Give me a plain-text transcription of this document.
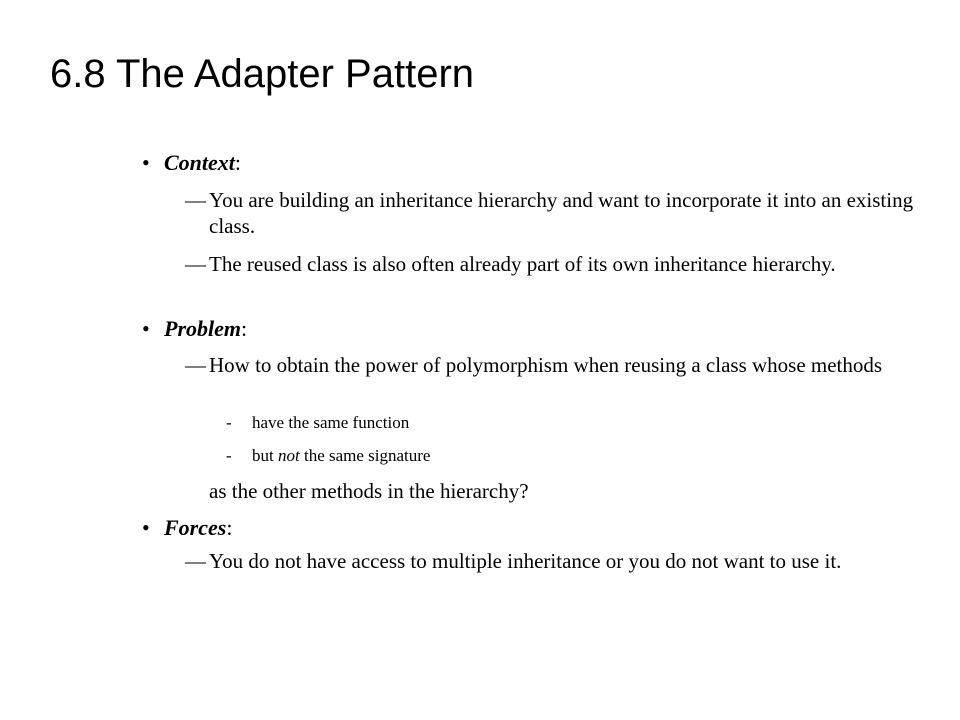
6.8 The Adapter Pattern
• Context:
— You are building an inheritance hierarchy and want to incorporate it into an existing class.
— The reused class is also often already part of its own inheritance hierarchy.
• Problem:
— How to obtain the power of polymorphism when reusing a class whose methods
- have the same function
- but not the same signature
as the other methods in the hierarchy?
• Forces:
— You do not have access to multiple inheritance or you do not want to use it.
